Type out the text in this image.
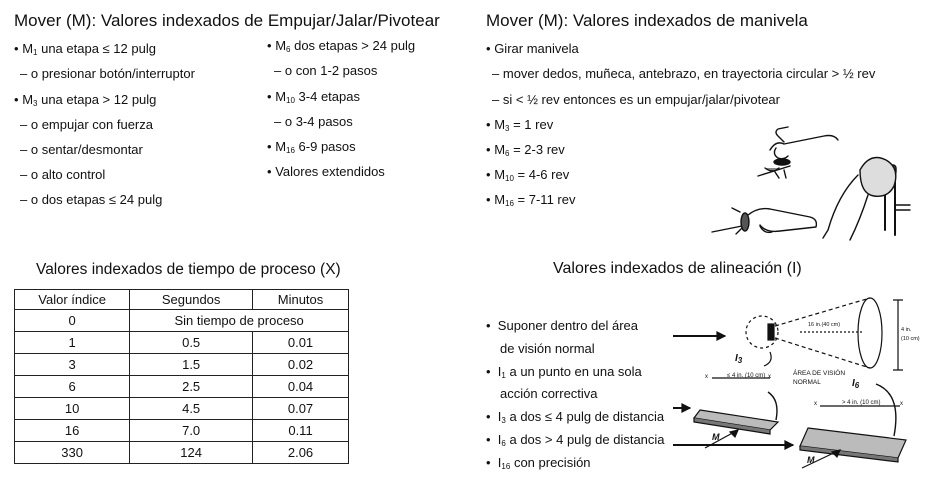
Mover (M): Valores indexados de Empujar/Jalar/Pivotear
• $M_1$ una etapa ≤ 12 pulg
– o presionar botón/interruptor
• $M_3$ una etapa > 12 pulg
– o empujar con fuerza
– o sentar/desmontar
– o alto control
– o dos etapas ≤ 24 pulg
• $M_6$ dos etapas > 24 pulg
– o con 1-2 pasos
• $M_{10}$ 3-4 etapas
– o 3-4 pasos
• $M_{16}$ 6-9 pasos
• Valores extendidos
Mover (M): Valores indexados de manivela
• Girar manivela
– mover dedos, muñeca, antebrazo, en trayectoria circular > ½ rev
– si < ½ rev entonces es un empujar/jalar/pivotear
• $M_3 = 1$ rev
• $M_6 = 2-3$ rev
• $M_{10} = 4-6$ rev
• $M_{16} = 7-11$ rev
Valores indexados de tiempo de proceso (X)
Valor índice	Segundos	Minutos
0	Sin tiempo de proceso	
1	0.5	0.01
3	1.5	0.02
6	2.5	0.04
10	4.5	0.07
16	7.0	0.11
330	124	2.06
Valores indexados de alineación (I)
• Suponer dentro del área
de visión normal
• $I_1$ a un punto en una sola
acción correctiva
• $I_3$ a dos ≤ 4 pulg de distancia
• $I_6$ a dos > 4 pulg de distancia
• $I_{16}$ con precisión
16 in.(40 cm)
4 in.
(10 cm)
$I_3$
$I_6$
ÁREA DE VISIÓN
NORMAL
x	≤ 4 in. (10 cm) x
x	> 4 in. (10 cm)	x
M
M
